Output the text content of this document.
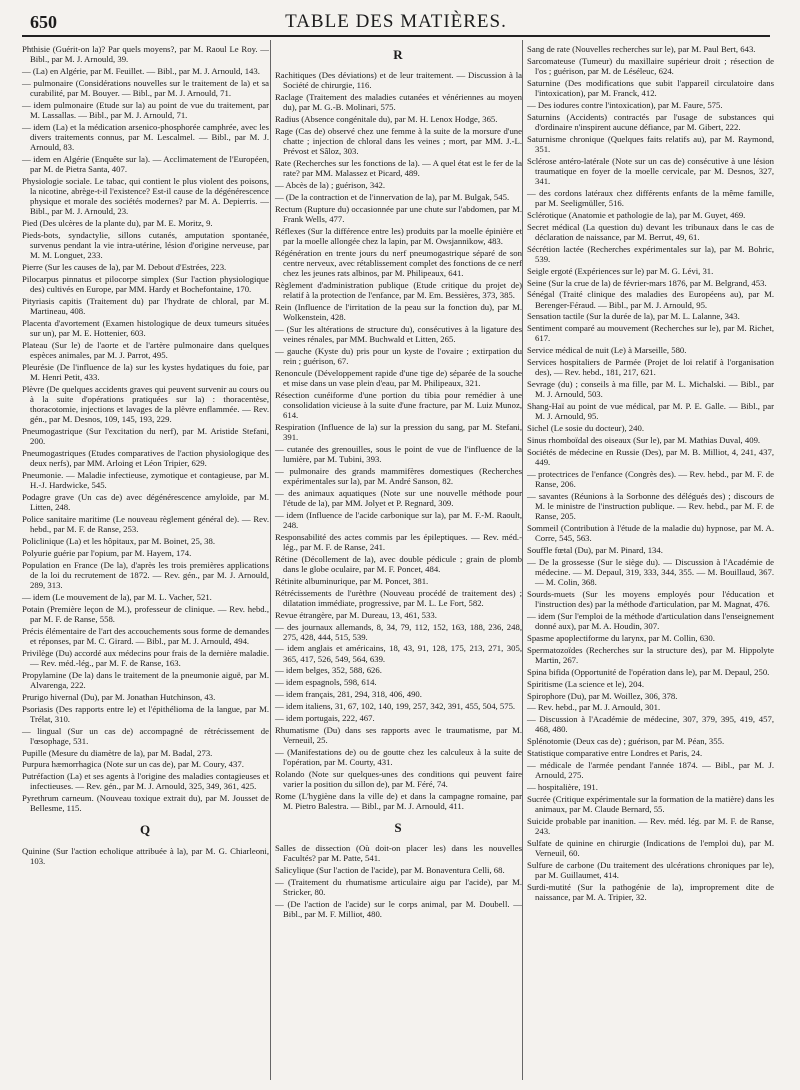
650	TABLE DES MATIÈRES.
Phthisie (Guérit-on la)? Par quels moyens?, par M. Raoul Le Roy. — Bibl., par M. J. Arnould, 39.
— (La) en Algérie, par M. Feuillet. — Bibl., par M. J. Arnould, 143.
— pulmonaire (Considérations nouvelles sur le traitement de la) et sa curabilité, par M. Bouyer. — Bibl., par M. J. Arnould, 71.
— idem pulmonaire (Etude sur la) au point de vue du traitement, par M. Lassallas. — Bibl., par M. J. Arnould, 71.
— idem (La) et la médication arsenico-phosphorée camphrée, avec les divers traitements connus, par M. Lescalmel. — Bibl., par M. J. Arnould, 83.
— idem en Algérie (Enquête sur la). — Acclimatement de l'Européen, par M. de Pietra Santa, 407.
Physiologie sociale. Le tabac, qui contient le plus violent des poisons, la nicotine, abrège-t-il l'existence? Est-il cause de la dégénérescence physique et morale des sociétés modernes? par M. A. Depierris. — Bibl., par M. J. Arnould, 23.
Pied (Des ulcères de la plante du), par M. E. Moritz, 9.
Pieds-bots, syndactylie, sillons cutanés, amputation spontanée, survenus pendant la vie intra-utérine, lésion d'origine nerveuse, par M. M. Longuet, 233.
Pierre (Sur les causes de la), par M. Debout d'Estrées, 223.
Pilocarpus pinnatus et pilocorpe simplex (Sur l'action physiologique des) cultivés en Europe, par MM. Hardy et Bochefontaine, 170.
Pityriasis capitis (Traitement du) par l'hydrate de chloral, par M. Martineau, 408.
Placenta d'avortement (Examen histologique de deux tumeurs situées sur un), par M. E. Hottenier, 603.
Plateau (Sur le) de l'aorte et de l'artère pulmonaire dans quelques espèces animales, par M. J. Parrot, 495.
Pleurésie (De l'influence de la) sur les kystes hydatiques du foie, par M. Henri Petit, 433.
Plèvre (De quelques accidents graves qui peuvent survenir au cours ou à la suite d'opérations pratiquées sur la) : thoracentèse, thoracotomie, injections et lavages de la plèvre enflammée. — Rev. gén., par M. Desnos, 109, 145, 193, 229.
Pneumogastrique (Sur l'excitation du nerf), par M. Aristide Stefani, 200.
Pneumogastriques (Etudes comparatives de l'action physiologique des deux nerfs), par MM. Arloing et Léon Tripier, 629.
Pneumonie. — Maladie infectieuse, zymotique et contagieuse, par M. H.-J. Hardwicke, 545.
Podagre grave (Un cas de) avec dégénérescence amyloïde, par M. Litten, 248.
Police sanitaire maritime (Le nouveau règlement général de). — Rev. hebd., par M. F. de Ranse, 253.
Policlinique (La) et les hôpitaux, par M. Boinet, 25, 38.
Polyurie guérie par l'opium, par M. Hayem, 174.
Population en France (De la), d'après les trois premières applications de la loi du recrutement de 1872. — Rev. gén., par M. J. Arnould, 289, 313.
— idem (Le mouvement de la), par M. L. Vacher, 521.
Potain (Première leçon de M.), professeur de clinique. — Rev. hebd., par M. F. de Ranse, 558.
Précis élémentaire de l'art des accouchements sous forme de demandes et réponses, par M. C. Girard. — Bibl., par M. J. Arnould, 494.
Privilège (Du) accordé aux médecins pour frais de la dernière maladie. — Rev. méd.-lég., par M. F. de Ranse, 163.
Propylamine (De la) dans le traitement de la pneumonie aiguë, par M. Alvarenga, 222.
Prurigo hivernal (Du), par M. Jonathan Hutchinson, 43.
Psoriasis (Des rapports entre le) et l'épithélioma de la langue, par M. Trélat, 310.
— lingual (Sur un cas de) accompagné de rétrécissement de l'œsophage, 531.
Pupille (Mesure du diamètre de la), par M. Badal, 273.
Purpura hæmorrhagica (Note sur un cas de), par M. Coury, 437.
Putréfaction (La) et ses agents à l'origine des maladies contagieuses et infectieuses. — Rev. gén., par M. J. Arnould, 325, 349, 361, 425.
Pyrethrum carneum. (Nouveau toxique extrait du), par M. Jousset de Bellesme, 115.
Q
Quinine (Sur l'action echolique attribuée à la), par M. G. Chiarleoni, 103.
R
Rachitiques (Des déviations) et de leur traitement. — Discussion à la Société de chirurgie, 116.
Raclage (Traitement des maladies cutanées et vénériennes au moyen du), par M. G.-B. Molinari, 575.
Radius (Absence congénitale du), par M. H. Lenox Hodge, 365.
Rage (Cas de) observé chez une femme à la suite de la morsure d'une chatte ; injection de chloral dans les veines ; mort, par MM. J.-L. Prévost et Sâloz, 303.
Rate (Recherches sur les fonctions de la). — A quel état est le fer de la rate? par MM. Malassez et Picard, 489.
— Abcès de la) ; guérison, 342.
— (De la contraction et de l'innervation de la), par M. Bulgak, 545.
Rectum (Rupture du) occasionnée par une chute sur l'abdomen, par M. Frank Wells, 477.
Réflexes (Sur la différence entre les) produits par la moelle épinière et par la moelle allongée chez la lapin, par M. Owsjannikow, 483.
Régénération en trente jours du nerf pneumogastrique séparé de son centre nerveux, avec rétablissement complet des fonctions de ce nerf chez les jeunes rats albinos, par M. Philipeaux, 641.
Règlement d'administration publique (Etude critique du projet de) relatif à la protection de l'enfance, par M. Em. Bessières, 373, 385.
Rein (Influence de l'irritation de la peau sur la fonction du), par M. Wolkenstein, 428.
— (Sur les altérations de structure du), consécutives à la ligature des veines rénales, par MM. Buchwald et Litten, 265.
— gauche (Kyste du) pris pour un kyste de l'ovaire ; extirpation du rein ; guérison, 67.
Renoncule (Développement rapide d'une tige de) séparée de la souche et mise dans un vase plein d'eau, par M. Philipeaux, 321.
Résection cunéiforme d'une portion du tibia pour remédier à une consolidation vicieuse à la suite d'une fracture, par M. Luiz Munoz, 614.
Respiration (Influence de la) sur la pression du sang, par M. Stefani, 391.
— cutanée des grenouilles, sous le point de vue de l'influence de la lumière, par M. Tubini, 393.
— pulmonaire des grands mammifères domestiques (Recherches expérimentales sur la), par M. André Sanson, 82.
— des animaux aquatiques (Note sur une nouvelle méthode pour l'étude de la), par MM. Jolyet et P. Regnard, 309.
— idem (Influence de l'acide carbonique sur la), par M. F.-M. Raoult, 248.
Responsabilité des actes commis par les épileptiques. — Rev. méd.-lég., par M. F. de Ranse, 241.
Rétine (Décollement de la), avec double pédicule ; grain de plomb dans le globe oculaire, par M. F. Poncet, 484.
Rétinite albuminurique, par M. Poncet, 381.
Rétrécissements de l'urèthre (Nouveau procédé de traitement des) ; dilatation immédiate, progressive, par M. L. Le Fort, 582.
Revue étrangère, par M. Dureau, 13, 461, 533.
— des journaux allemands, 8, 34, 79, 112, 152, 163, 188, 236, 248, 275, 428, 444, 515, 539.
— idem anglais et américains, 18, 43, 91, 128, 175, 213, 271, 305, 365, 417, 526, 549, 564, 639.
— idem belges, 352, 588, 626.
— idem espagnols, 598, 614.
— idem français, 281, 294, 318, 406, 490.
— idem italiens, 31, 67, 102, 140, 199, 257, 342, 391, 455, 504, 575.
— idem portugais, 222, 467.
Rhumatisme (Du) dans ses rapports avec le traumatisme, par M. Verneuil, 25.
— (Manifestations de) ou de goutte chez les calculeux à la suite de l'opération, par M. Courty, 431.
Rolando (Note sur quelques-unes des conditions qui peuvent faire varier la position du sillon de), par M. Féré, 74.
Rome (L'hygiène dans la ville de) et dans la campagne romaine, par M. Pietro Balestra. — Bibl., par M. J. Arnould, 411.
S
Salles de dissection (Où doit-on placer les) dans les nouvelles Facultés? par M. Patte, 541.
Salicylique (Sur l'action de l'acide), par M. Bonaventura Celli, 68.
— (Traitement du rhumatisme articulaire aigu par l'acide), par M. Stricker, 80.
— (De l'action de l'acide) sur le corps animal, par M. Doubell. — Bibl., par M. F. Milliot, 480.
Sang de rate (Nouvelles recherches sur le), par M. Paul Bert, 643.
Sarcomateuse (Tumeur) du maxillaire supérieur droit ; résection de l'os ; guérison, par M. de Léséleuc, 624.
Saturnine (Des modifications que subit l'appareil circulatoire dans l'intoxication), par M. Franck, 412.
— Des iodures contre l'intoxication), par M. Faure, 575.
Saturnins (Accidents) contractés par l'usage de substances qui d'ordinaire n'inspirent aucune défiance, par M. Gibert, 222.
Saturnisme chronique (Quelques faits relatifs au), par M. Raymond, 351.
Sclérose antéro-latérale (Note sur un cas de) consécutive à une lésion traumatique en foyer de la moelle cervicale, par M. Desnos, 327, 341.
— des cordons latéraux chez différents enfants de la même famille, par M. Seeligmüller, 516.
Sclérotique (Anatomie et pathologie de la), par M. Guyet, 469.
Secret médical (La question du) devant les tribunaux dans le cas de déclaration de naissance, par M. Berrut, 49, 61.
Sécrétion lactée (Recherches expérimentales sur la), par M. Bohric, 539.
Seigle ergoté (Expériences sur le) par M. G. Lévi, 31.
Seine (Sur la crue de la) de février-mars 1876, par M. Belgrand, 453.
Sénégal (Traité clinique des maladies des Européens au), par M. Berenger-Féraud. — Bibl., par M. J. Arnould, 95.
Sensation tactile (Sur la durée de la), par M. L. Lalanne, 343.
Sentiment comparé au mouvement (Recherches sur le), par M. Richet, 617.
Service médical de nuit (Le) à Marseille, 580.
Services hospitaliers de Parmée (Projet de loi relatif à l'organisation des), — Rev. hebd., 181, 217, 621.
Sevrage (du) ; conseils à ma fille, par M. L. Michalski. — Bibl., par M. J. Arnould, 503.
Shang-Haï au point de vue médical, par M. P. E. Galle. — Bibl., par M. J. Arnould, 95.
Sichel (Le sosie du docteur), 240.
Sinus rhomboïdal des oiseaux (Sur le), par M. Mathias Duval, 409.
Sociétés de médecine en Russie (Des), par M. B. Milliot, 4, 241, 437, 449.
— protectrices de l'enfance (Congrès des). — Rev. hebd., par M. F. de Ranse, 206.
— savantes (Réunions à la Sorbonne des délégués des) ; discours de M. le ministre de l'instruction publique. — Rev. hebd., par M. F. de Ranse, 205.
Sommeil (Contribution à l'étude de la maladie du) hypnose, par M. A. Corre, 545, 563.
Souffle fœtal (Du), par M. Pinard, 134.
— De la grossesse (Sur le siège du). — Discussion à l'Académie de médecine. — M. Depaul, 319, 333, 344, 355. — M. Bouillaud, 367. — M. Colin, 368.
Sourds-muets (Sur les moyens employés pour l'éducation et l'instruction des) par la méthode d'articulation, par M. Magnat, 476.
— idem (Sur l'emploi de la méthode d'articulation dans l'enseignement donné aux), par M. A. Houdin, 307.
Spasme apoplectiforme du larynx, par M. Collin, 630.
Spermatozoïdes (Recherches sur la structure des), par M. Hippolyte Martin, 267.
Spina bifida (Opportunité de l'opération dans le), par M. Depaul, 250.
Spiritisme (La science et le), 204.
Spirophore (Du), par M. Woillez, 306, 378.
— Rev. hebd., par M. J. Arnould, 301.
— Discussion à l'Académie de médecine, 307, 379, 395, 419, 457, 468, 480.
Splénotomie (Deux cas de) ; guérison, par M. Péan, 355.
Statistique comparative entre Londres et Paris, 24.
— médicale de l'armée pendant l'année 1874. — Bibl., par M. J. Arnould, 275.
— hospitalière, 191.
Sucrée (Critique expérimentale sur la formation de la matière) dans les animaux, par M. Claude Bernard, 55.
Suicide probable par inanition. — Rev. méd. lég. par M. F. de Ranse, 243.
Sulfate de quinine en chirurgie (Indications de l'emploi du), par M. Verneuil, 60.
Sulfure de carbone (Du traitement des ulcérations chroniques par le), par M. Guillaumet, 414.
Surdi-mutité (Sur la pathogénie de la), improprement dite de naissance, par M. A. Tripier, 32.
